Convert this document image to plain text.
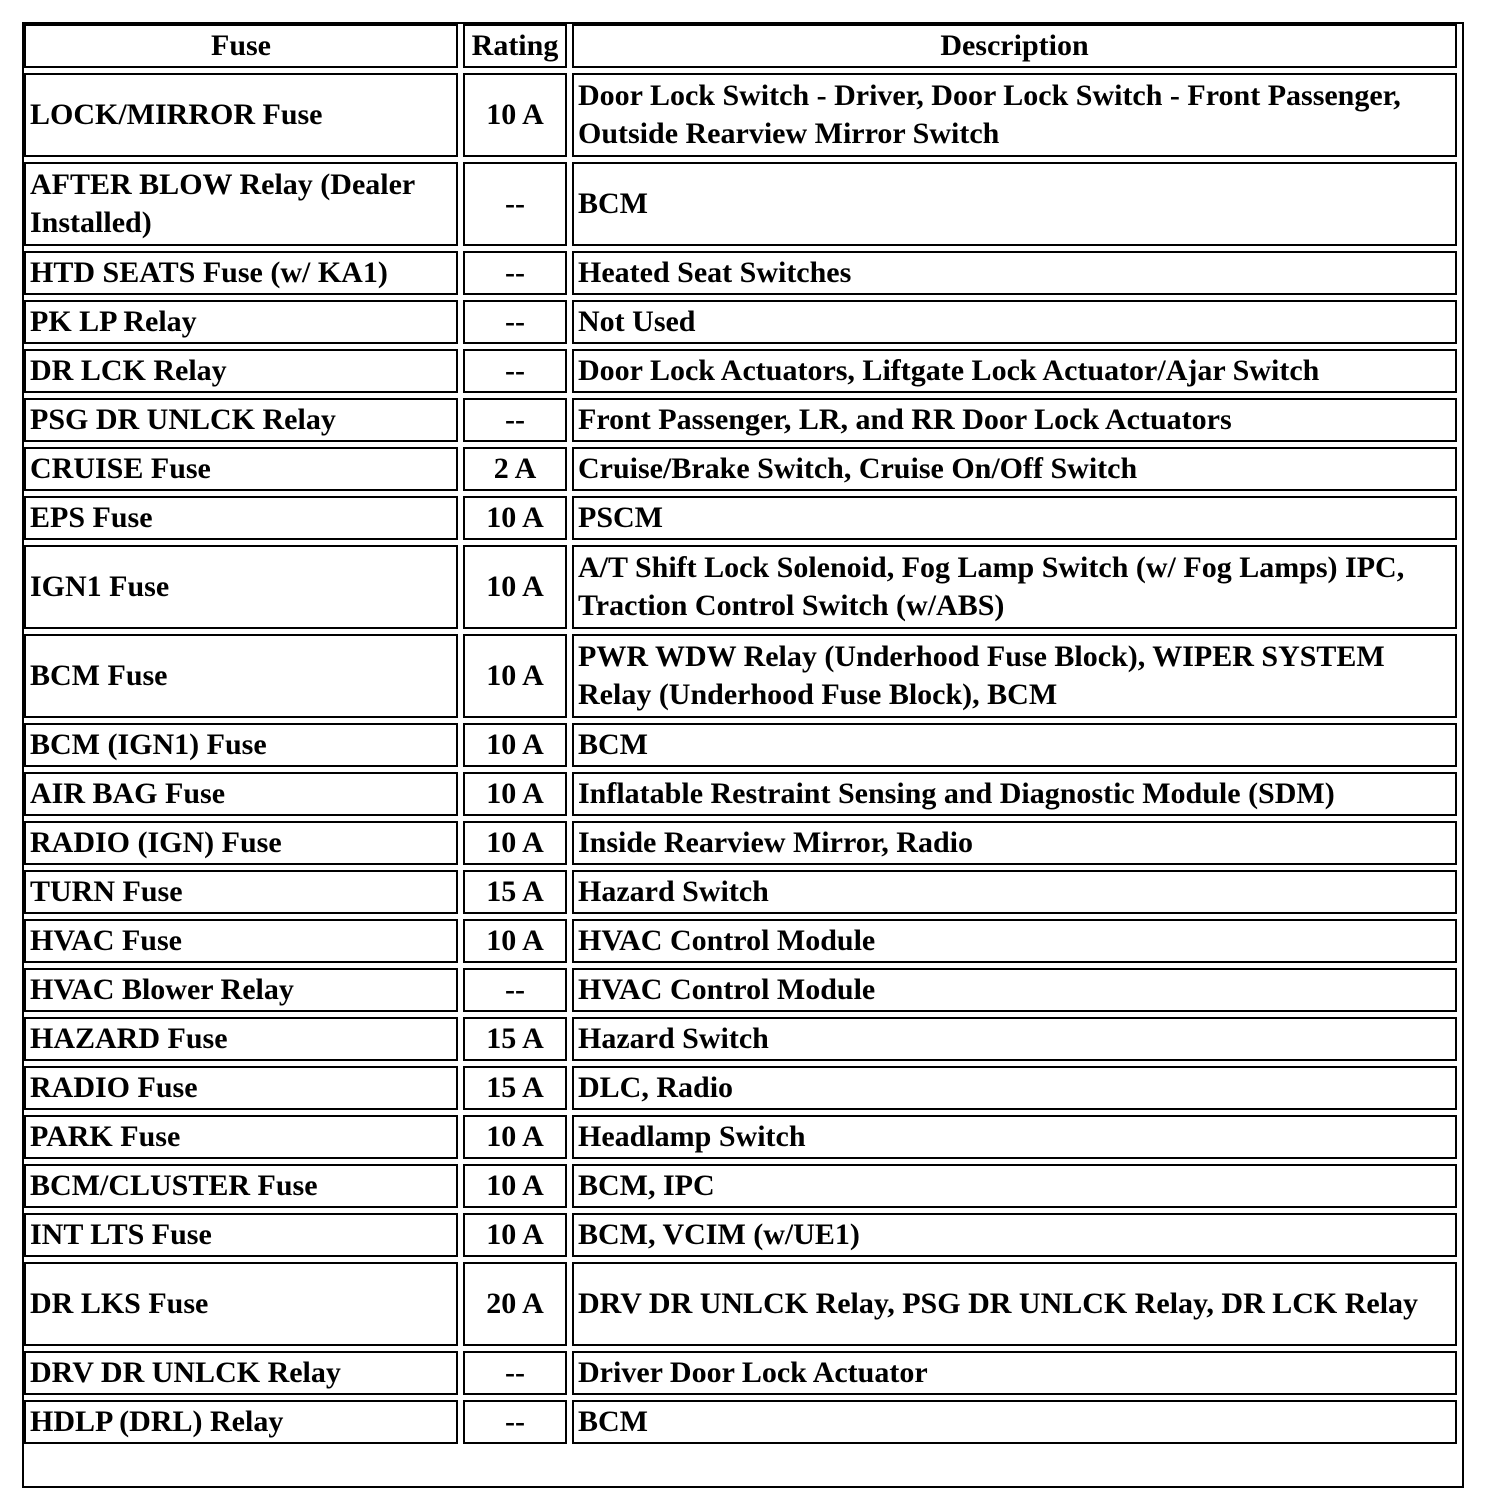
Fuse	Rating	Description
LOCK/MIRROR Fuse	10 A	Door Lock Switch - Driver, Door Lock Switch - Front Passenger, Outside Rearview Mirror Switch
AFTER BLOW Relay (Dealer Installed)	--	BCM
HTD SEATS Fuse (w/ KA1)	--	Heated Seat Switches
PK LP Relay	--	Not Used
DR LCK Relay	--	Door Lock Actuators, Liftgate Lock Actuator/Ajar Switch
PSG DR UNLCK Relay	--	Front Passenger, LR, and RR Door Lock Actuators
CRUISE Fuse	2 A	Cruise/Brake Switch, Cruise On/Off Switch
EPS Fuse	10 A	PSCM
IGN1 Fuse	10 A	A/T Shift Lock Solenoid, Fog Lamp Switch (w/ Fog Lamps) IPC, Traction Control Switch (w/ABS)
BCM Fuse	10 A	PWR WDW Relay (Underhood Fuse Block), WIPER SYSTEM Relay (Underhood Fuse Block), BCM
BCM (IGN1) Fuse	10 A	BCM
AIR BAG Fuse	10 A	Inflatable Restraint Sensing and Diagnostic Module (SDM)
RADIO (IGN) Fuse	10 A	Inside Rearview Mirror, Radio
TURN Fuse	15 A	Hazard Switch
HVAC Fuse	10 A	HVAC Control Module
HVAC Blower Relay	--	HVAC Control Module
HAZARD Fuse	15 A	Hazard Switch
RADIO Fuse	15 A	DLC, Radio
PARK Fuse	10 A	Headlamp Switch
BCM/CLUSTER Fuse	10 A	BCM, IPC
INT LTS Fuse	10 A	BCM, VCIM (w/UE1)
DR LKS Fuse	20 A	DRV DR UNLCK Relay, PSG DR UNLCK Relay, DR LCK Relay
DRV DR UNLCK Relay	--	Driver Door Lock Actuator
HDLP (DRL) Relay	--	BCM
